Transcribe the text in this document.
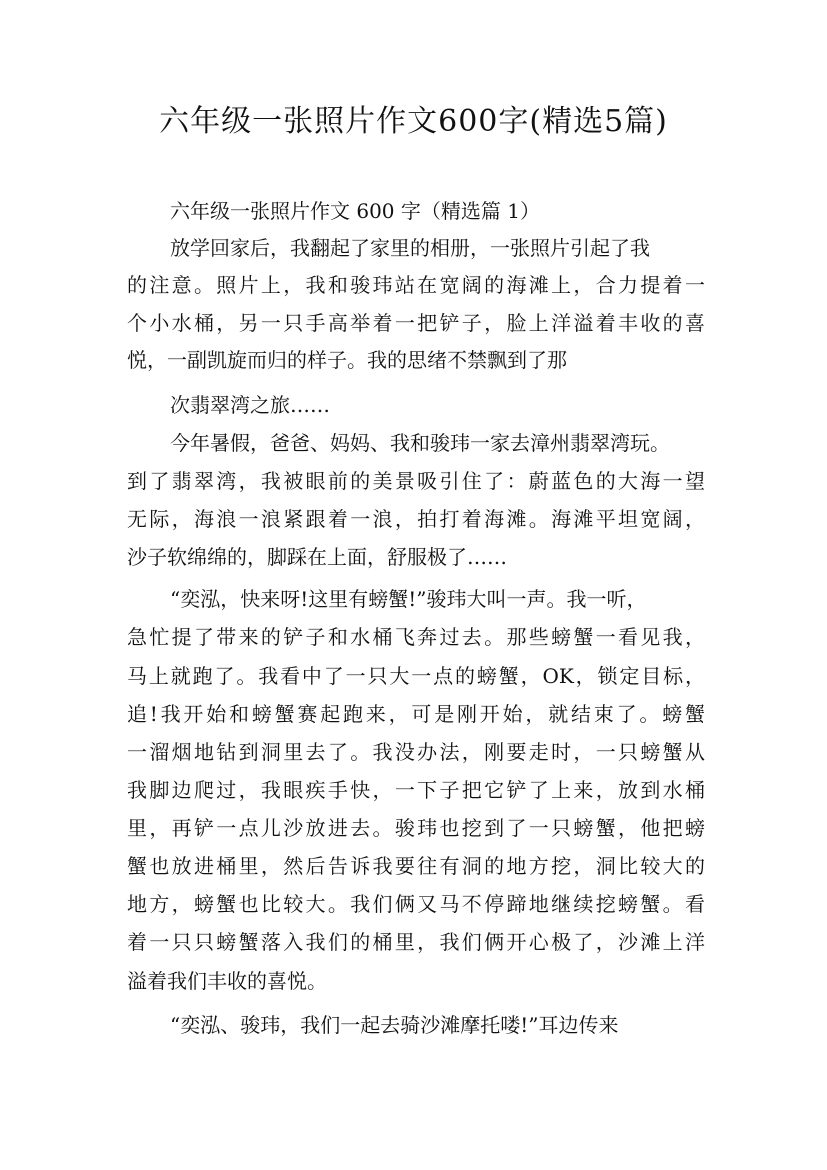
六年级一张照片作文600字(精选5篇)
六年级一张照片作文 600 字（精选篇 1）
放学回家后，我翻起了家里的相册，一张照片引起了我
的注意。照片上，我和骏玮站在宽阔的海滩上，合力提着一
个小水桶，另一只手高举着一把铲子，脸上洋溢着丰收的喜
悦，一副凯旋而归的样子。我的思绪不禁飘到了那
次翡翠湾之旅……
今年暑假，爸爸、妈妈、我和骏玮一家去漳州翡翠湾玩。
到了翡翠湾，我被眼前的美景吸引住了：蔚蓝色的大海一望
无际，海浪一浪紧跟着一浪，拍打着海滩。海滩平坦宽阔，
沙子软绵绵的，脚踩在上面，舒服极了……
“奕泓，快来呀!这里有螃蟹!”骏玮大叫一声。我一听，
急忙提了带来的铲子和水桶飞奔过去。那些螃蟹一看见我，
马上就跑了。我看中了一只大一点的螃蟹，OK，锁定目标，
追!我开始和螃蟹赛起跑来，可是刚开始，就结束了。螃蟹
一溜烟地钻到洞里去了。我没办法，刚要走时，一只螃蟹从
我脚边爬过，我眼疾手快，一下子把它铲了上来，放到水桶
里，再铲一点儿沙放进去。骏玮也挖到了一只螃蟹，他把螃
蟹也放进桶里，然后告诉我要往有洞的地方挖，洞比较大的
地方，螃蟹也比较大。我们俩又马不停蹄地继续挖螃蟹。看
着一只只螃蟹落入我们的桶里，我们俩开心极了，沙滩上洋
溢着我们丰收的喜悦。
“奕泓、骏玮，我们一起去骑沙滩摩托喽!”耳边传来
